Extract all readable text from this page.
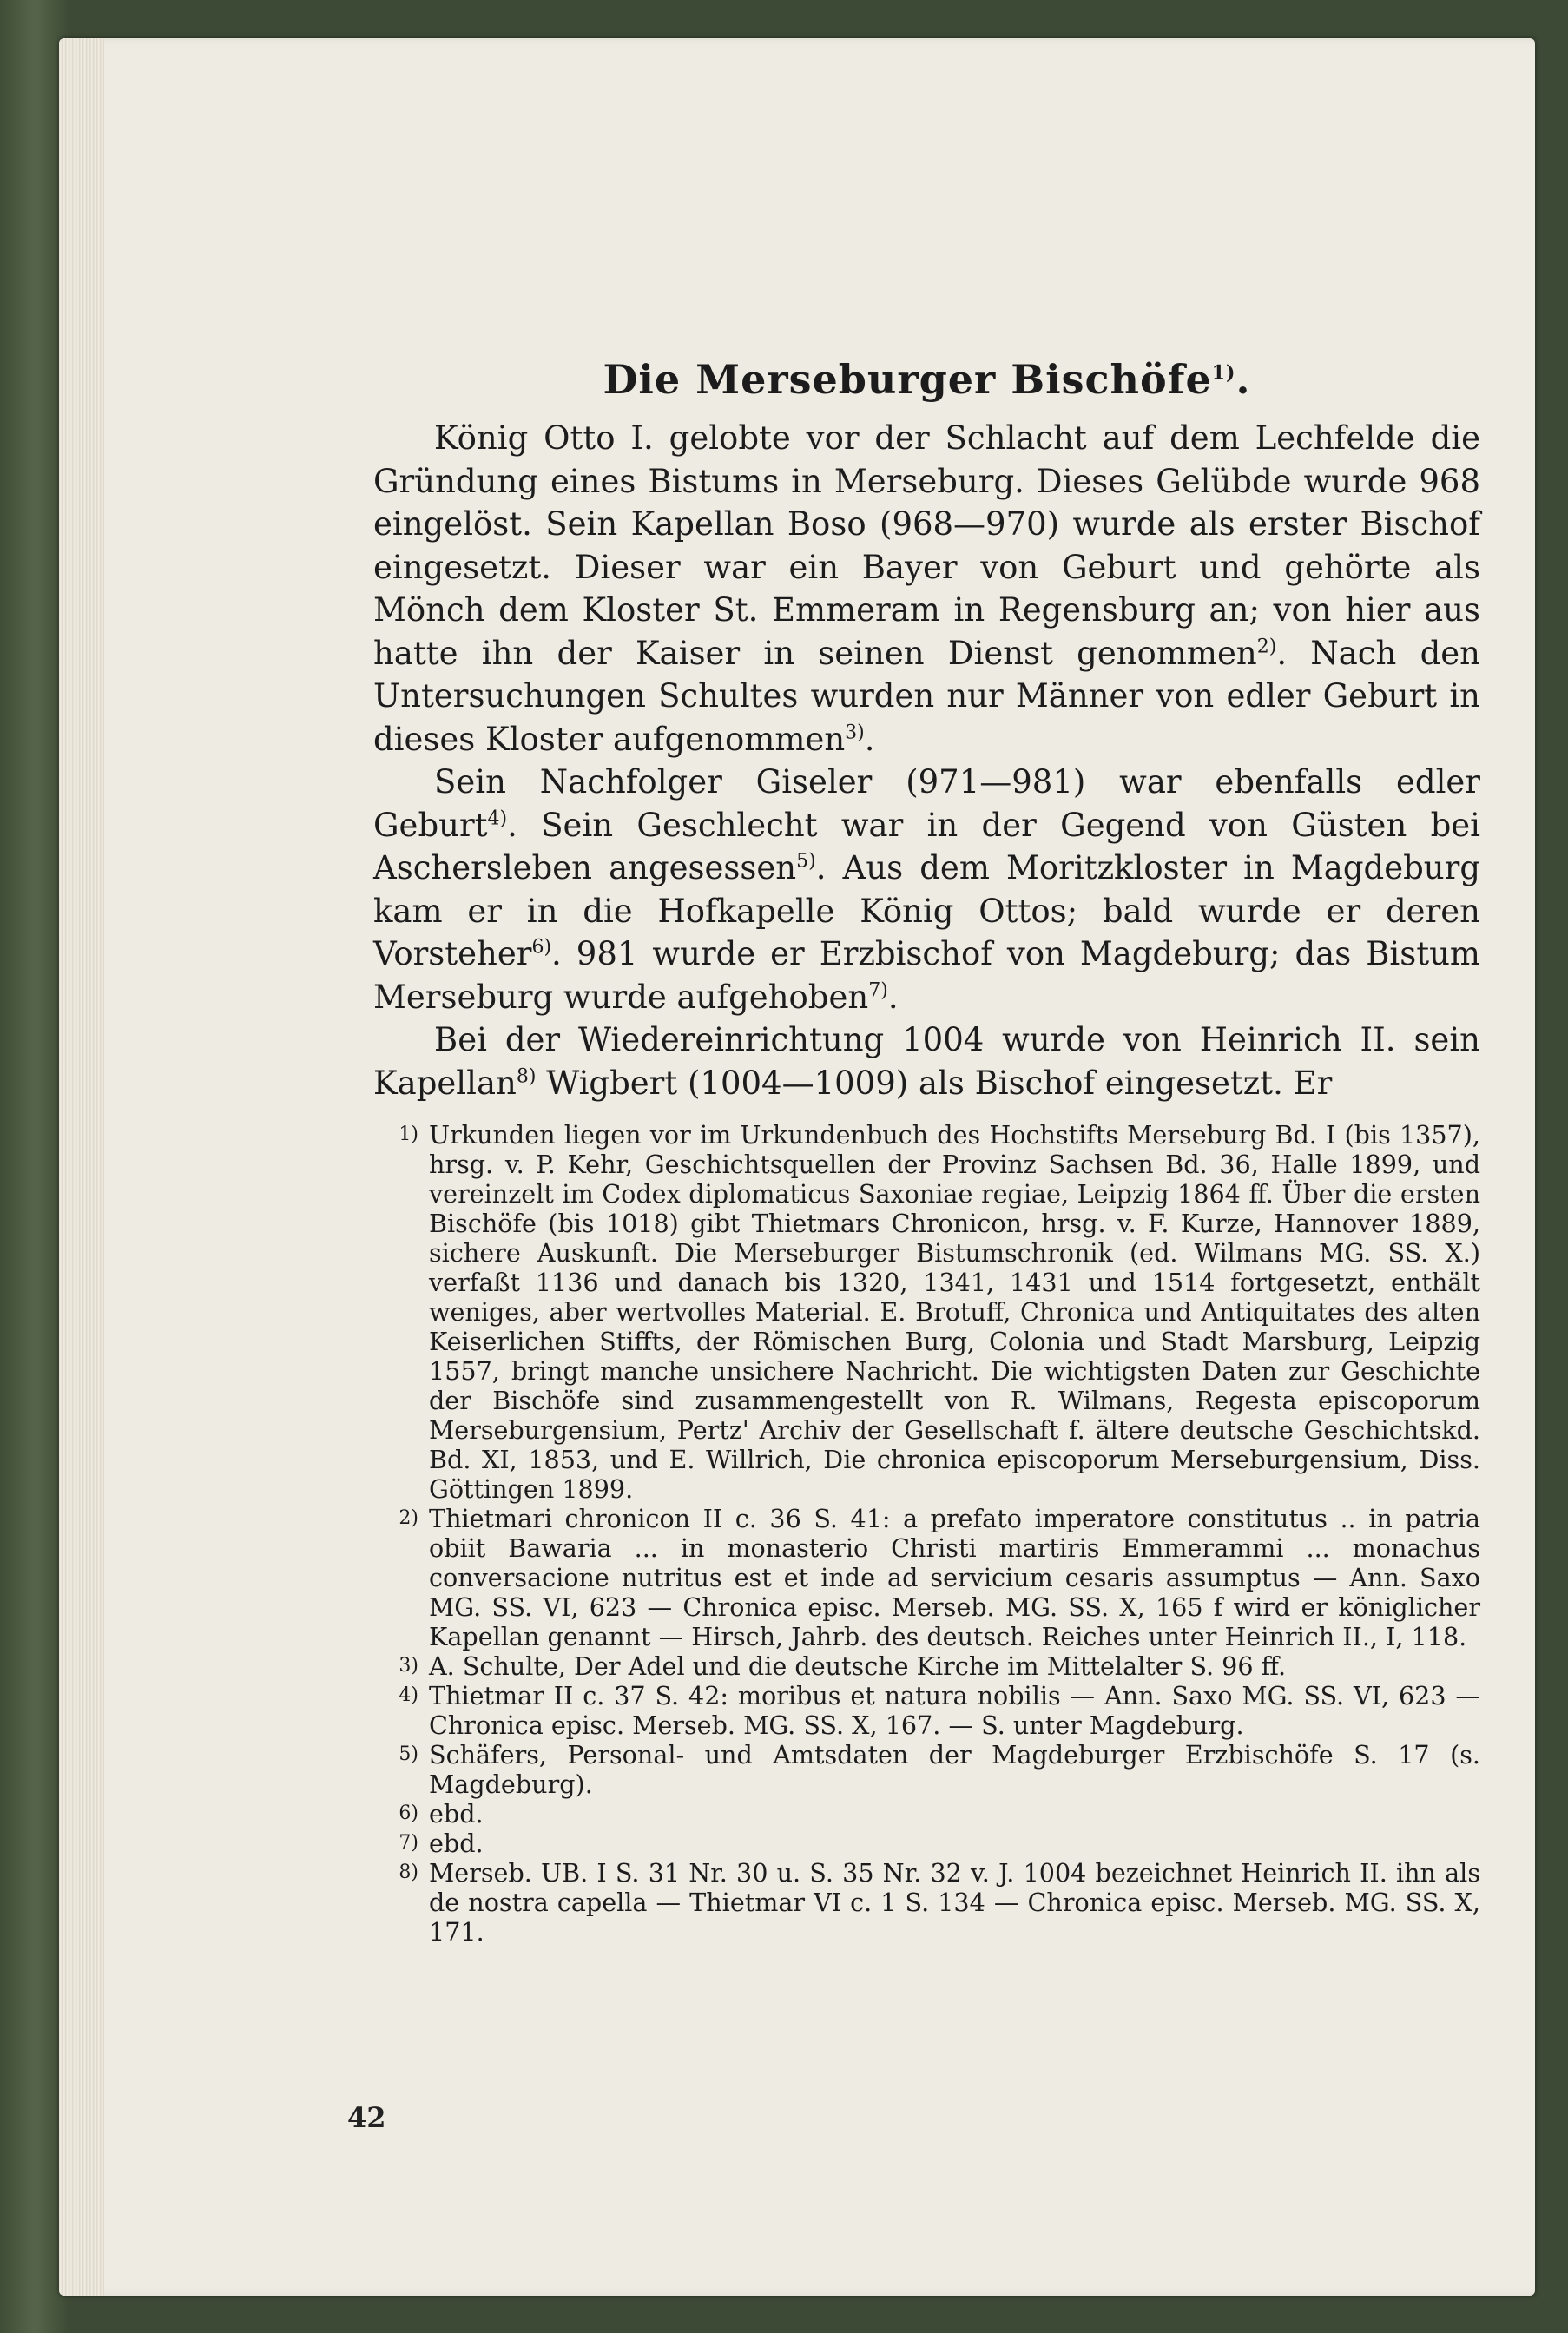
Die Merseburger Bischöfe$^{1)}$.

König Otto I. gelobte vor der Schlacht auf dem Lechfelde die Gründung eines Bistums in Merseburg. Dieses Gelübde wurde 968 eingelöst. Sein Kapellan Boso (968—970) wurde als erster Bischof eingesetzt. Dieser war ein Bayer von Geburt und gehörte als Mönch dem Kloster St. Emmeram in Regensburg an; von hier aus hatte ihn der Kaiser in seinen Dienst genommen$^{2)}$. Nach den Untersuchungen Schultes wurden nur Männer von edler Geburt in dieses Kloster aufgenommen$^{3)}$.

Sein Nachfolger Giseler (971—981) war ebenfalls edler Geburt$^{4)}$. Sein Geschlecht war in der Gegend von Güsten bei Aschersleben angesessen$^{5)}$. Aus dem Moritzkloster in Magdeburg kam er in die Hofkapelle König Ottos; bald wurde er deren Vorsteher$^{6)}$. 981 wurde er Erzbischof von Magdeburg; das Bistum Merseburg wurde aufgehoben$^{7)}$.

Bei der Wiedereinrichtung 1004 wurde von Heinrich II. sein Kapellan$^{8)}$ Wigbert (1004—1009) als Bischof eingesetzt. Er

1) Urkunden liegen vor im Urkundenbuch des Hochstifts Merseburg Bd. I (bis 1357), hrsg. v. P. Kehr, Geschichtsquellen der Provinz Sachsen Bd. 36, Halle 1899, und vereinzelt im Codex diplomaticus Saxoniae regiae, Leipzig 1864 ff. Über die ersten Bischöfe (bis 1018) gibt Thietmars Chronicon, hrsg. v. F. Kurze, Hannover 1889, sichere Auskunft. Die Merseburger Bistumschronik (ed. Wilmans MG. SS. X.) verfaßt 1136 und danach bis 1320, 1341, 1431 und 1514 fortgesetzt, enthält weniges, aber wertvolles Material. E. Brotuff, Chronica und Antiquitates des alten Keiserlichen Stiffts, der Römischen Burg, Colonia und Stadt Marsburg, Leipzig 1557, bringt manche unsichere Nachricht. Die wichtigsten Daten zur Geschichte der Bischöfe sind zusammengestellt von R. Wilmans, Regesta episcoporum Merseburgensium, Pertz' Archiv der Gesellschaft f. ältere deutsche Geschichtskd. Bd. XI, 1853, und E. Willrich, Die chronica episcoporum Merseburgensium, Diss. Göttingen 1899.
2) Thietmari chronicon II c. 36 S. 41: a prefato imperatore constitutus .. in patria obiit Bawaria ... in monasterio Christi martiris Emmerammi ... monachus conversacione nutritus est et inde ad servicium cesaris assumptus — Ann. Saxo MG. SS. VI, 623 — Chronica episc. Merseb. MG. SS. X, 165 f wird er königlicher Kapellan genannt — Hirsch, Jahrb. des deutsch. Reiches unter Heinrich II., I, 118.
3) A. Schulte, Der Adel und die deutsche Kirche im Mittelalter S. 96 ff.
4) Thietmar II c. 37 S. 42: moribus et natura nobilis — Ann. Saxo MG. SS. VI, 623 — Chronica episc. Merseb. MG. SS. X, 167. — S. unter Magdeburg.
5) Schäfers, Personal- und Amtsdaten der Magdeburger Erzbischöfe S. 17 (s. Magdeburg).
6) ebd.
7) ebd.
8) Merseb. UB. I S. 31 Nr. 30 u. S. 35 Nr. 32 v. J. 1004 bezeichnet Heinrich II. ihn als de nostra capella — Thietmar VI c. 1 S. 134 — Chronica episc. Merseb. MG. SS. X, 171.
42
